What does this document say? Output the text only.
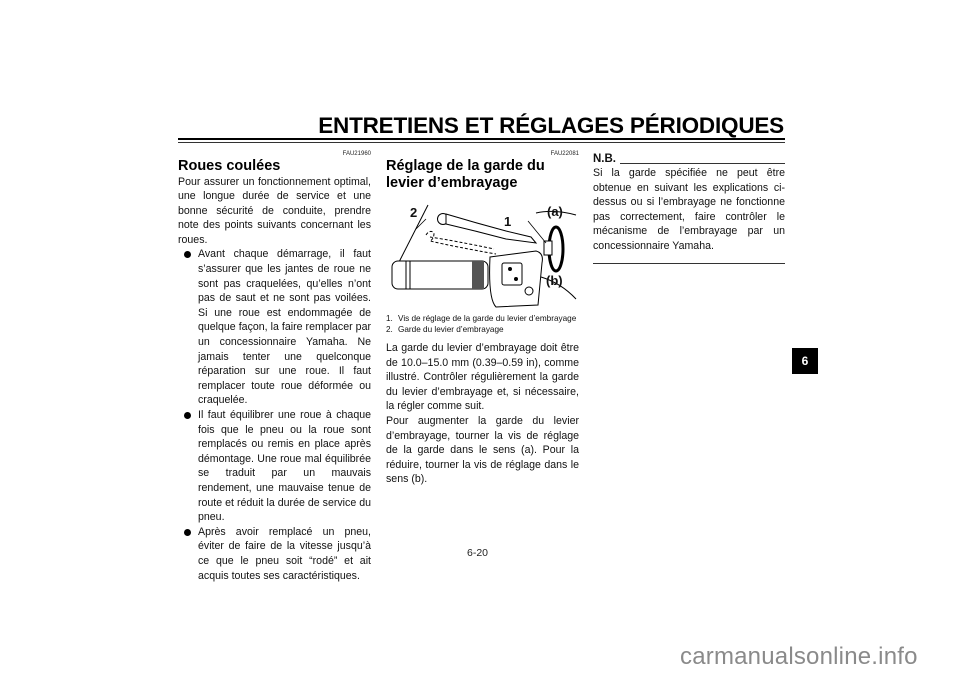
ENTRETIENS ET RÉGLAGES PÉRIODIQUES
FAU21960
Roues coulées

Pour assurer un fonctionnement optimal, une longue durée de service et une bonne sécurité de conduite, prendre note des points suivants concernant les roues.

Avant chaque démarrage, il faut s’assurer que les jantes de roue ne sont pas craquelées, qu’elles n’ont pas de saut et ne sont pas voilées. Si une roue est endommagée de quelque façon, la faire remplacer par un concessionnaire Yamaha. Ne jamais tenter une quelconque réparation sur une roue. Il faut remplacer toute roue déformée ou craquelée.
Il faut équilibrer une roue à chaque fois que le pneu ou la roue sont remplacés ou remis en place après démontage. Une roue mal équilibrée se traduit par un mauvais rendement, une mauvaise tenue de route et réduit la durée de service du pneu.
Après avoir remplacé un pneu, éviter de faire de la vitesse jusqu’à ce que le pneu soit “rodé” et ait acquis toutes ses caractéristiques.
FAU22081
Réglage de la garde du levier d’embrayage
2
1
(a)
(b)
1. Vis de réglage de la garde du levier d’embrayage
2. Garde du levier d’embrayage

La garde du levier d’embrayage doit être de 10.0–15.0 mm (0.39–0.59 in), comme illustré. Contrôler régulièrement la garde du levier d’embrayage et, si nécessaire, la régler comme suit.

Pour augmenter la garde du levier d’embrayage, tourner la vis de réglage de la garde dans le sens (a). Pour la réduire, tourner la vis de réglage dans le sens (b).

N.B.

Si la garde spécifiée ne peut être obtenue en suivant les explications ci-dessus ou si l’embrayage ne fonctionne pas correctement, faire contrôler le mécanisme de l’embrayage par un concessionnaire Yamaha.

6
6-20
carmanualsonline.info
